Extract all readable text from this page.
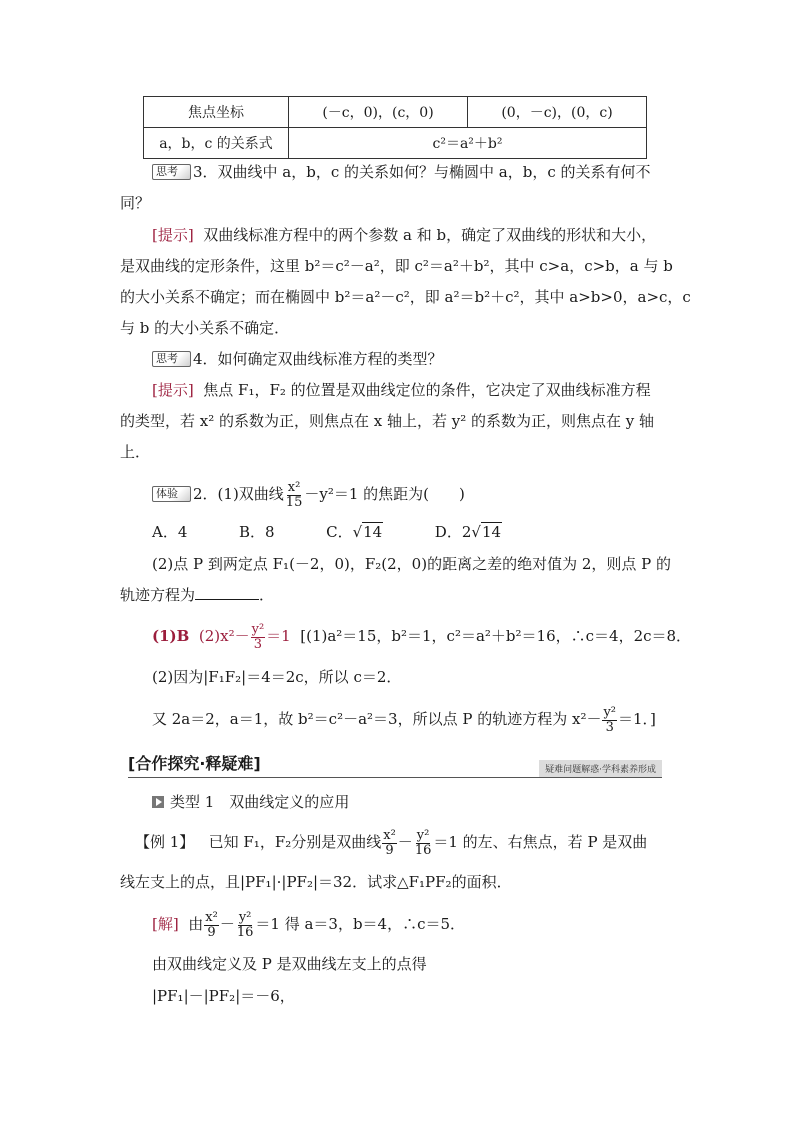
焦点坐标	(－c，0)，(c，0)	(0，－c)，(0，c)
a，b，c 的关系式	c²＝a²＋b²	
思考 3．双曲线中 a，b，c 的关系如何？与椭圆中 a，b，c 的关系有何不
同？
[提示] 双曲线标准方程中的两个参数 a 和 b，确定了双曲线的形状和大小，
是双曲线的定形条件，这里 b²＝c²－a²，即 c²＝a²＋b²，其中 c>a，c>b，a 与 b
的大小关系不确定；而在椭圆中 b²＝a²－c²，即 a²＝b²＋c²，其中 a>b>0，a>c，c
与 b 的大小关系不确定．
思考 4．如何确定双曲线标准方程的类型？
[提示] 焦点 F₁，F₂ 的位置是双曲线定位的条件，它决定了双曲线标准方程
的类型，若 x² 的系数为正，则焦点在 x 轴上，若 y² 的系数为正，则焦点在 y 轴
上．
体验 2．(1)双曲线 $\frac{\text{x²}}{15} -y^2=1$ 的焦距为(　　)
A．4	B．8	C．√14	D．2√14
(2)点 P 到两定点 F₁(－2，0)，F₂(2，0)的距离之差的绝对值为 2，则点 P 的
轨迹方程为	．
(1)B $(2)x^2- \frac{\text{y²}}{3} =1$ [(1)a²＝15，b²＝1，c²＝a²＋b²＝16，∴c＝4，2c＝8．
(2)因为|F₁F₂|＝4＝2c，所以 c＝2．
又 2a＝2，a＝1，故 b²＝c²－a²＝3，所以点 P 的轨迹方程为 $x^2- \frac{\text{y²}}{3} =1$．]
[合作探究·释疑难]	疑难问题解惑·学科素养形成
类型 1　双曲线定义的应用
【例 1】 已知 F₁，F₂分别是双曲线 $\frac{\text{x²}}{9} - \frac{\text{y²}}{16} =1$ 的左、右焦点，若 P 是双曲
线左支上的点，且|PF₁|·|PF₂|＝32．试求△F₁PF₂的面积．
[解] 由 $\frac{\text{x²}}{9} - \frac{\text{y²}}{16} =1$ 得 a＝3，b＝4，∴c＝5．
由双曲线定义及 P 是双曲线左支上的点得
|PF₁|－|PF₂|＝－6，
